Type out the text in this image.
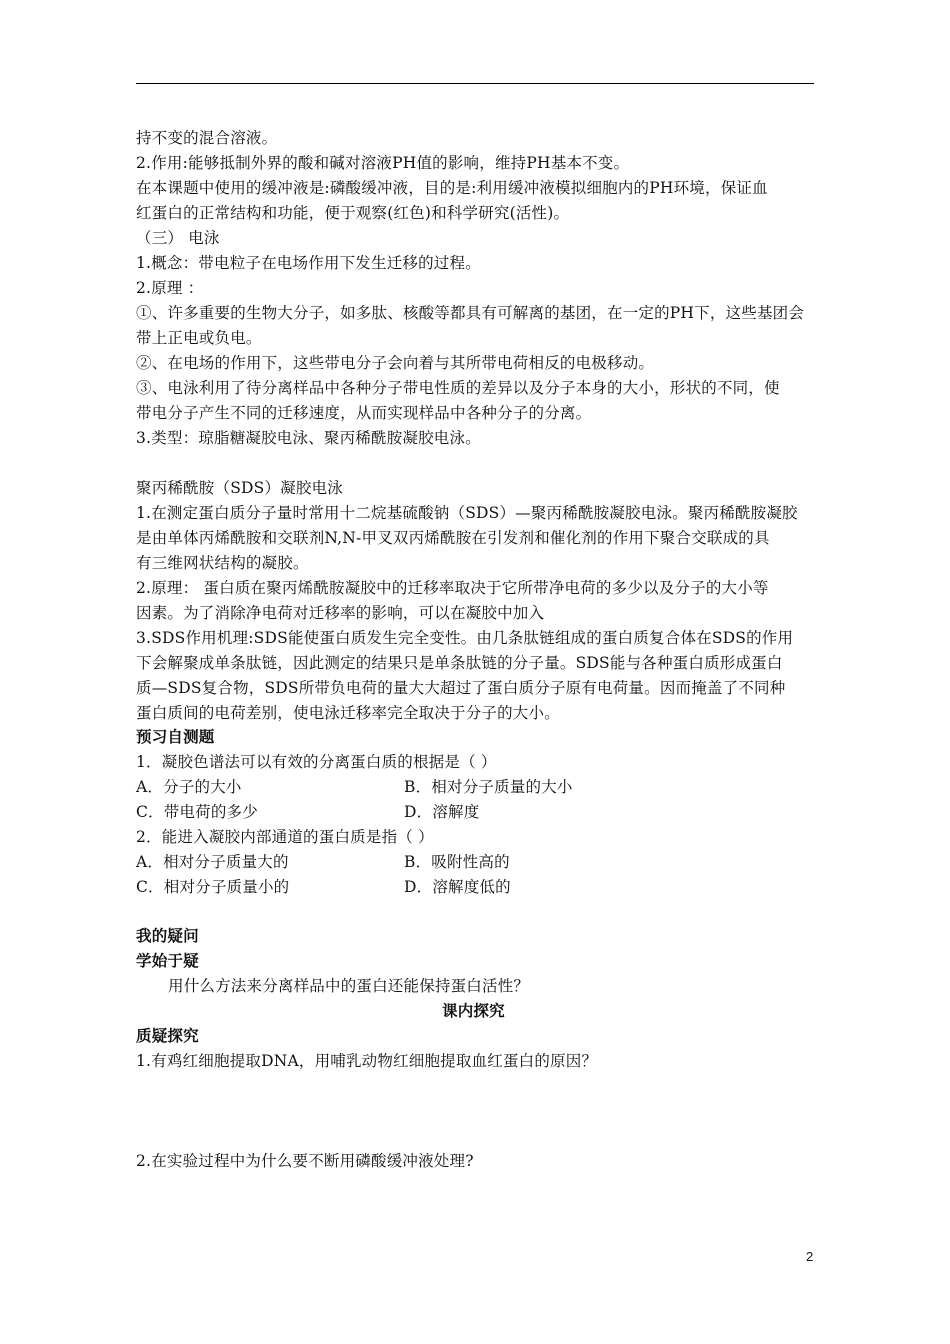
持不变的混合溶液。
2.作用:能够抵制外界的酸和碱对溶液PH值的影响，维持PH基本不变。
在本课题中使用的缓冲液是:磷酸缓冲液，目的是:利用缓冲液模拟细胞内的PH环境，保证血
红蛋白的正常结构和功能，便于观察(红色)和科学研究(活性)。
（三） 电泳
1.概念：带电粒子在电场作用下发生迁移的过程。
2.原理 ：
①、许多重要的生物大分子，如多肽、核酸等都具有可解离的基团，在一定的PH下，这些基团会
带上正电或负电。
②、在电场的作用下，这些带电分子会向着与其所带电荷相反的电极移动。
③、电泳利用了待分离样品中各种分子带电性质的差异以及分子本身的大小，形状的不同，使
带电分子产生不同的迁移速度，从而实现样品中各种分子的分离。
3.类型：琼脂糖凝胶电泳、聚丙稀酰胺凝胶电泳。
聚丙稀酰胺（SDS）凝胶电泳
1.在测定蛋白质分子量时常用十二烷基硫酸钠（SDS）—聚丙稀酰胺凝胶电泳。聚丙稀酰胺凝胶
是由单体丙烯酰胺和交联剂N,N-甲叉双丙烯酰胺在引发剂和催化剂的作用下聚合交联成的具
有三维网状结构的凝胶。
2.原理： 蛋白质在聚丙烯酰胺凝胶中的迁移率取决于它所带净电荷的多少以及分子的大小等
因素。为了消除净电荷对迁移率的影响，可以在凝胶中加入
3.SDS作用机理:SDS能使蛋白质发生完全变性。由几条肽链组成的蛋白质复合体在SDS的作用
下会解聚成单条肽链，因此测定的结果只是单条肽链的分子量。SDS能与各种蛋白质形成蛋白
质—SDS复合物，SDS所带负电荷的量大大超过了蛋白质分子原有电荷量。因而掩盖了不同种
蛋白质间的电荷差别，使电泳迁移率完全取决于分子的大小。
预习自测题
1．凝胶色谱法可以有效的分离蛋白质的根据是（ ）
A．分子的大小	B．相对分子质量的大小
C．带电荷的多少	D．溶解度
2．能进入凝胶内部通道的蛋白质是指（ ）
A．相对分子质量大的	B．吸附性高的
C．相对分子质量小的	D．溶解度低的
我的疑问
学始于疑
用什么方法来分离样品中的蛋白还能保持蛋白活性？
课内探究
质疑探究
1.有鸡红细胞提取DNA，用哺乳动物红细胞提取血红蛋白的原因？
2.在实验过程中为什么要不断用磷酸缓冲液处理?
2
